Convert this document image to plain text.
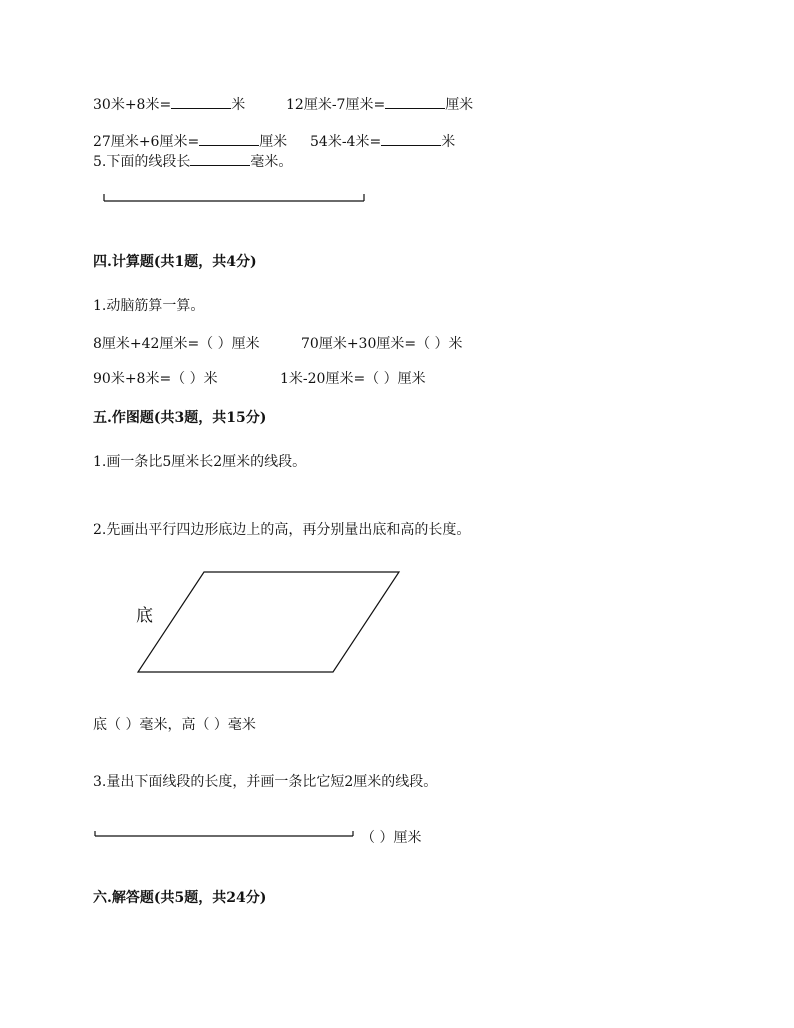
30米+8米=	米	12厘米-7厘米=	厘米
27厘米+6厘米=	厘米 54米-4米=	米
5.下面的线段长	毫米。
四.计算题(共1题，共4分)
1.动脑筋算一算。
8厘米+42厘米=（ ）厘米	70厘米+30厘米=（ ）米
90米+8米=（ ）米	1米-20厘米=（ ）厘米
五.作图题(共3题，共15分)
1.画一条比5厘米长2厘米的线段。
2.先画出平行四边形底边上的高，再分别量出底和高的长度。
底
底（ ）毫米，高（ ）毫米
3.量出下面线段的长度，并画一条比它短2厘米的线段。
（ ）厘米
六.解答题(共5题，共24分)
